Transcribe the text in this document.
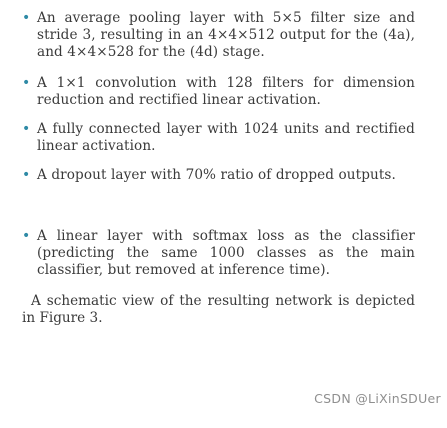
• An average pooling layer with 5×5 filter size and stride 3, resulting in an 4×4×512 output for the (4a), and 4×4×528 for the (4d) stage.
• A 1×1 convolution with 128 filters for dimension reduction and rectified linear activation.
• A fully connected layer with 1024 units and rectified linear activation.
• A dropout layer with 70% ratio of dropped outputs.
• A linear layer with softmax loss as the classifier (predicting the same 1000 classes as the main classifier, but removed at inference time).

A schematic view of the resulting network is depicted in Figure 3.

CSDN @LiXinSDUer
